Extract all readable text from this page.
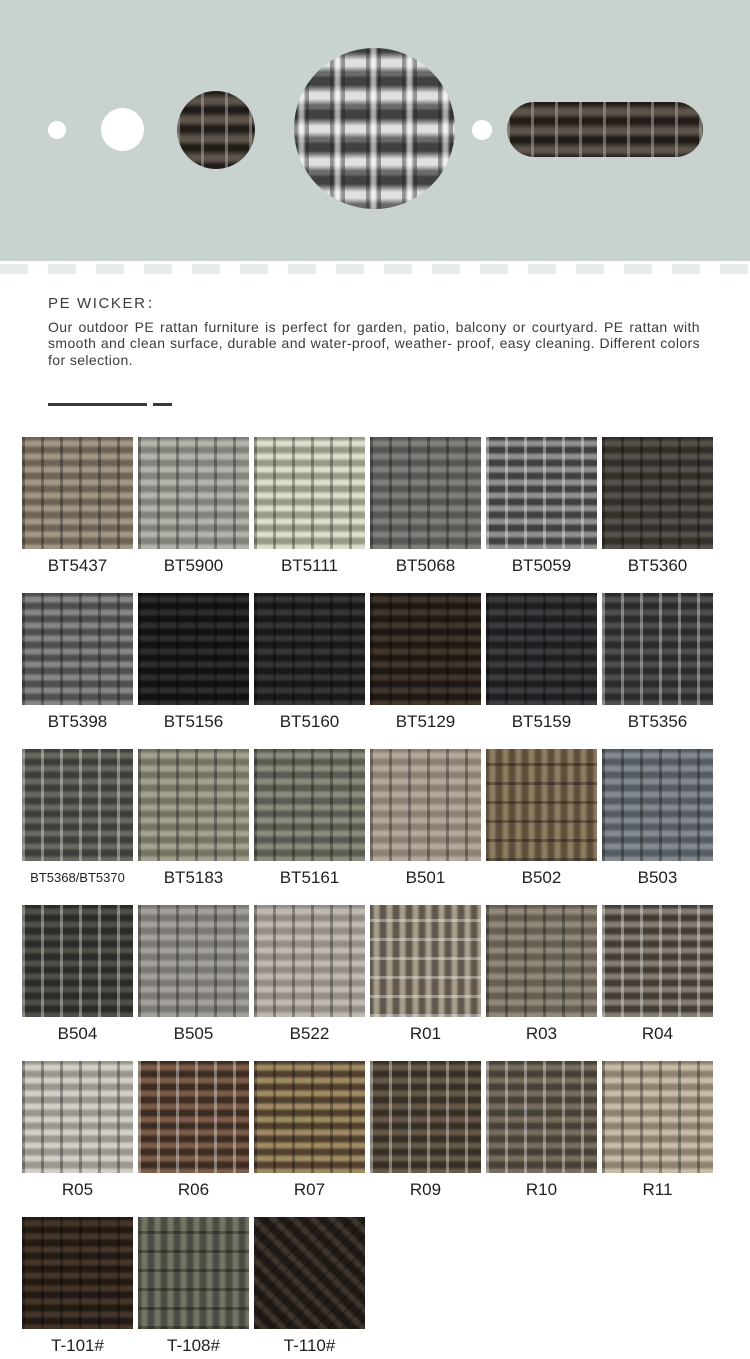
PE WICKER：

Our outdoor PE rattan furniture is perfect for garden, patio, balcony or courtyard. PE rattan with smooth and clean surface, durable and water-proof, weather- proof, easy cleaning. Different colors for selection.

BT5437	BT5900	BT5111	BT5068	BT5059	BT5360
BT5398	BT5156	BT5160	BT5129	BT5159	BT5356
BT5368/BT5370	BT5183	BT5161	B501	B502	B503
B504	B505	B522	R01	R03	R04
R05	R06	R07	R09	R10	R11
T-101#	T-108#	T-110#
